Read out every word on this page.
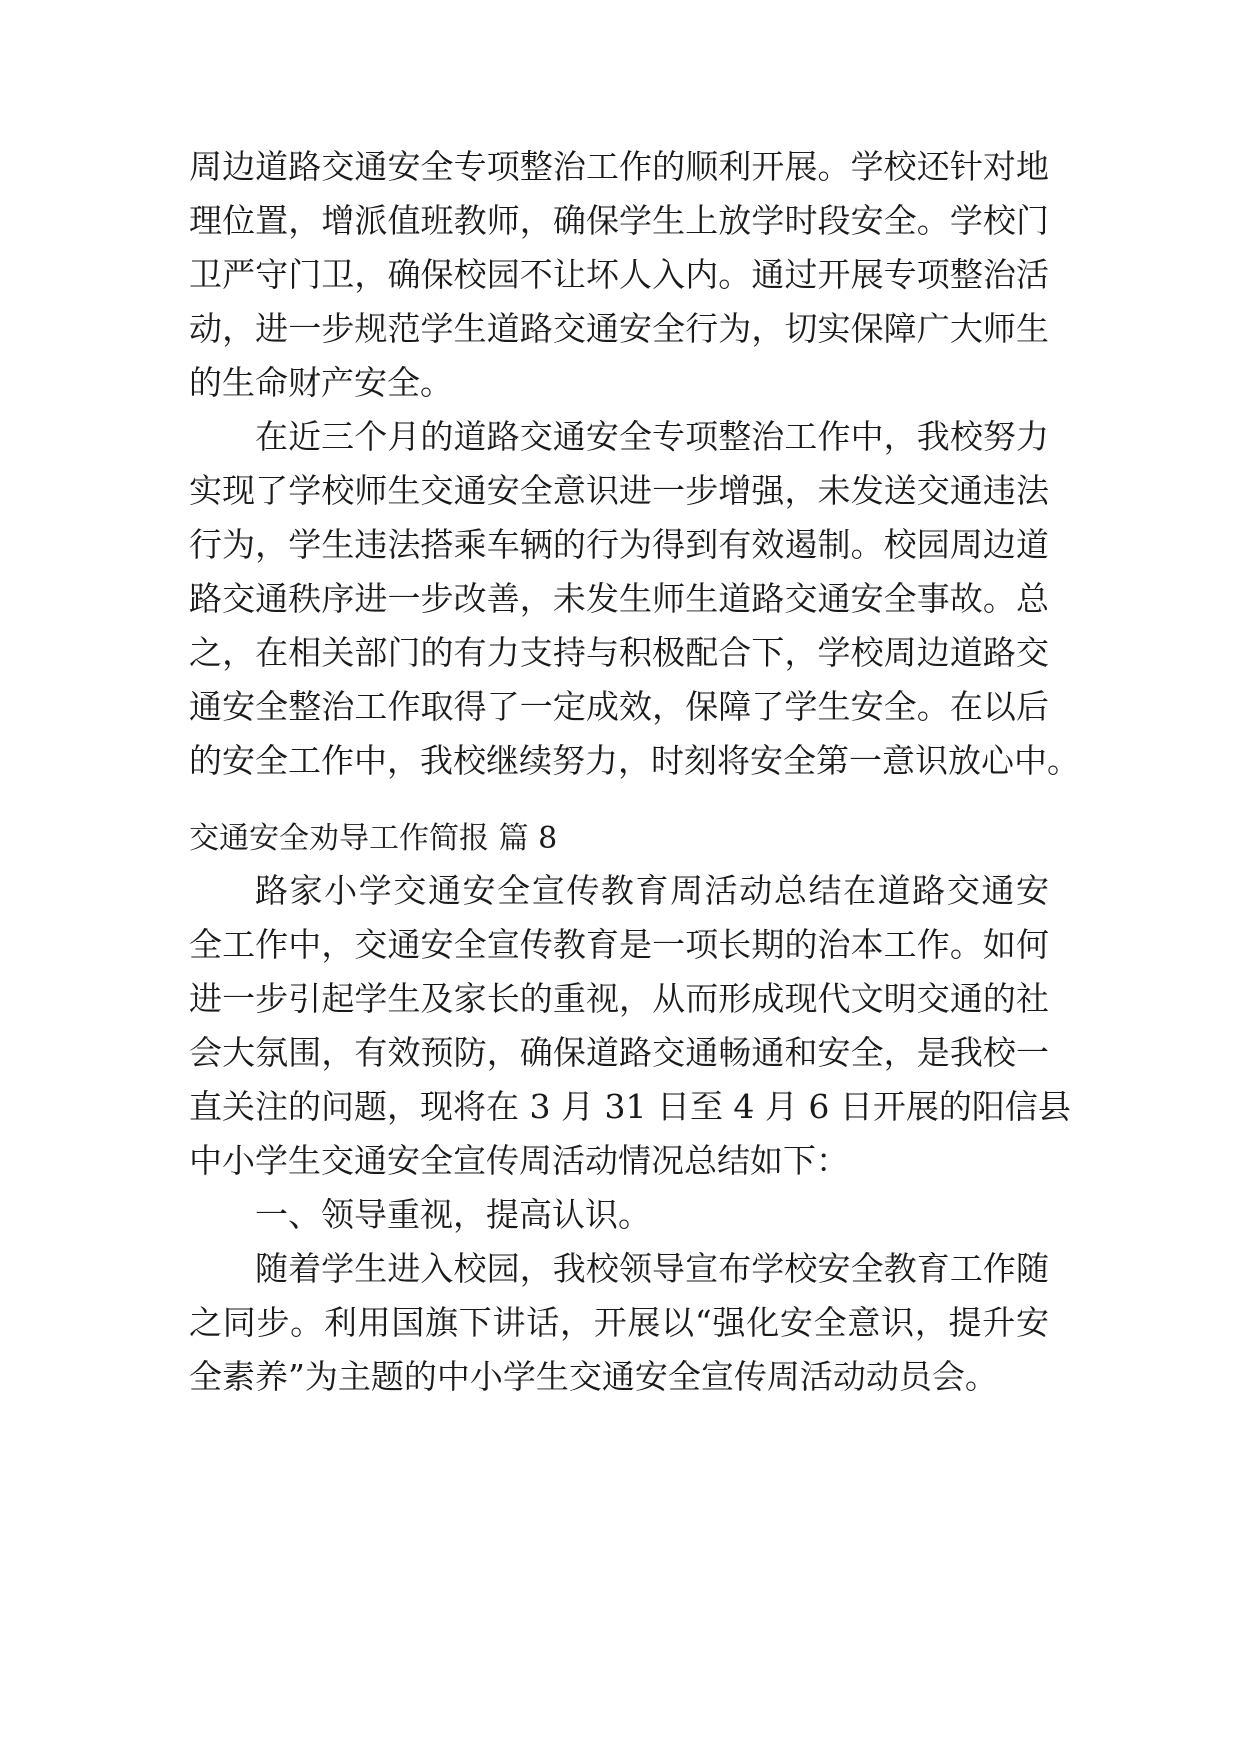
周边道路交通安全专项整治工作的顺利开展。学校还针对地
理位置，增派值班教师，确保学生上放学时段安全。学校门
卫严守门卫，确保校园不让坏人入内。通过开展专项整治活
动，进一步规范学生道路交通安全行为，切实保障广大师生
的生命财产安全。
在近三个月的道路交通安全专项整治工作中，我校努力
实现了学校师生交通安全意识进一步增强，未发送交通违法
行为，学生违法搭乘车辆的行为得到有效遏制。校园周边道
路交通秩序进一步改善，未发生师生道路交通安全事故。总
之，在相关部门的有力支持与积极配合下，学校周边道路交
通安全整治工作取得了一定成效，保障了学生安全。在以后
的安全工作中，我校继续努力，时刻将安全第一意识放心中。
交通安全劝导工作简报 篇 8
路家小学交通安全宣传教育周活动总结在道路交通安
全工作中，交通安全宣传教育是一项长期的治本工作。如何
进一步引起学生及家长的重视，从而形成现代文明交通的社
会大氛围，有效预防，确保道路交通畅通和安全，是我校一
直关注的问题，现将在 3 月 31 日至 4 月 6 日开展的阳信县
中小学生交通安全宣传周活动情况总结如下：
一、领导重视，提高认识。
随着学生进入校园，我校领导宣布学校安全教育工作随
之同步。利用国旗下讲话，开展以“强化安全意识，提升安
全素养”为主题的中小学生交通安全宣传周活动动员会。
